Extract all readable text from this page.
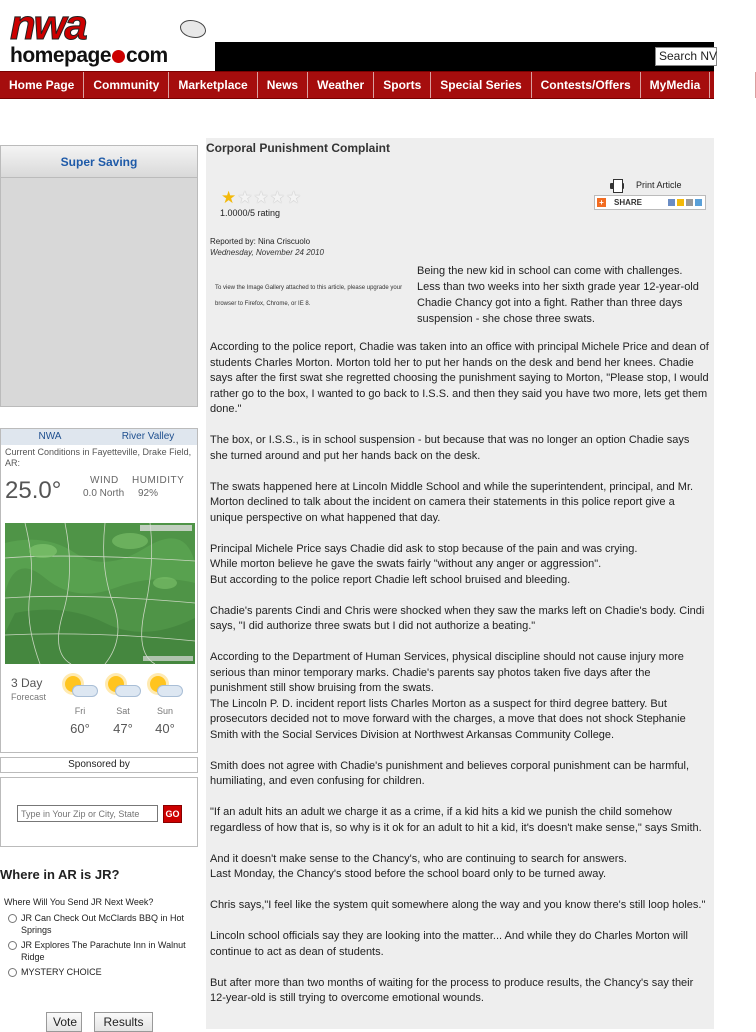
nwa
homepage com	Search NV
Home Page	Community	Marketplace	News	Weather	Sports	Special Series	Contests/Offers	MyMedia	Foru
Super Saving
NWA	River Valley
Current Conditions in Fayetteville, Drake Field, AR:
25.0°	WIND HUMIDITY
0.0 North 92%
3 Day
Forecast
Fri
60°
Sat
47°
Sun
40°
Sponsored by
Type in Your Zip or City, State
GO
Where in AR is JR?
Where Will You Send JR Next Week?
JR Can Check Out McClards BBQ in Hot Springs
JR Explores The Parachute Inn in Walnut Ridge
MYSTERY CHOICE
Vote	Results
Corporal Punishment Complaint
★ ★ ★ ★ ★
1.0000/5 rating
Print Article
+ SHARE
Reported by: Nina Criscuolo
Wednesday, November 24 2010
To view the Image Gallery attached to this article, please upgrade your browser to Firefox, Chrome, or IE 8.
Being the new kid in school can come with challenges. Less than two weeks into her sixth grade year 12-year-old Chadie Chancy got into a fight. Rather than three days suspension - she chose three swats.

According to the police report, Chadie was taken into an office with principal Michele Price and dean of students Charles Morton. Morton told her to put her hands on the desk and bend her knees. Chadie says after the first swat she regretted choosing the punishment saying to Morton, "Please stop, I would rather go to the box, I wanted to go back to I.S.S. and then they said you have two more, lets get them done."

The box, or I.S.S., is in school suspension - but because that was no longer an option Chadie says she turned around and put her hands back on the desk.

The swats happened here at Lincoln Middle School and while the superintendent, principal, and Mr. Morton declined to talk about the incident on camera their statements in this police report give a unique perspective on what happened that day.

Principal Michele Price says Chadie did ask to stop because of the pain and was crying.
While morton believe he gave the swats fairly "without any anger or aggression".
But according to the police report Chadie left school bruised and bleeding.

Chadie's parents Cindi and Chris were shocked when they saw the marks left on Chadie's body. Cindi says, "I did authorize three swats but I did not authorize a beating."

According to the Department of Human Services, physical discipline should not cause injury more serious than minor temporary marks. Chadie's parents say photos taken five days after the punishment still show bruising from the swats.
The Lincoln P. D. incident report lists Charles Morton as a suspect for third degree battery. But prosecutors decided not to move forward with the charges, a move that does not shock Stephanie Smith with the Social Services Division at Northwest Arkansas Community College.

Smith does not agree with Chadie's punishment and believes corporal punishment can be harmful, humiliating, and even confusing for children.

"If an adult hits an adult we charge it as a crime, if a kid hits a kid we punish the child somehow regardless of how that is, so why is it ok for an adult to hit a kid, it's doesn't make sense," says Smith.

And it doesn't make sense to the Chancy's, who are continuing to search for answers.
Last Monday, the Chancy's stood before the school board only to be turned away.

Chris says,"I feel like the system quit somewhere along the way and you know there's still loop holes."

Lincoln school officials say they are looking into the matter... And while they do Charles Morton will continue to act as dean of students.

But after more than two months of waiting for the process to produce results, the Chancy's say their 12-year-old is still trying to overcome emotional wounds.
